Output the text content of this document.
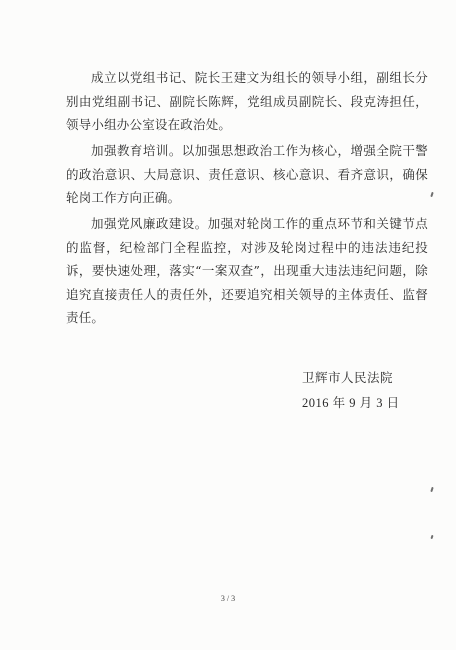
成立以党组书记、院长王建文为组长的领导小组，副组长分别由党组副书记、副院长陈辉，党组成员副院长、段克涛担任，领导小组办公室设在政治处。

加强教育培训。以加强思想政治工作为核心，增强全院干警的政治意识、大局意识、责任意识、核心意识、看齐意识，确保轮岗工作方向正确。

加强党风廉政建设。加强对轮岗工作的重点环节和关键节点的监督，纪检部门全程监控，对涉及轮岗过程中的违法违纪投诉，要快速处理，落实“一案双查”，出现重大违法违纪问题，除追究直接责任人的责任外，还要追究相关领导的主体责任、监督责任。

卫辉市人民法院
2016 年 9 月 3 日
3 / 3
